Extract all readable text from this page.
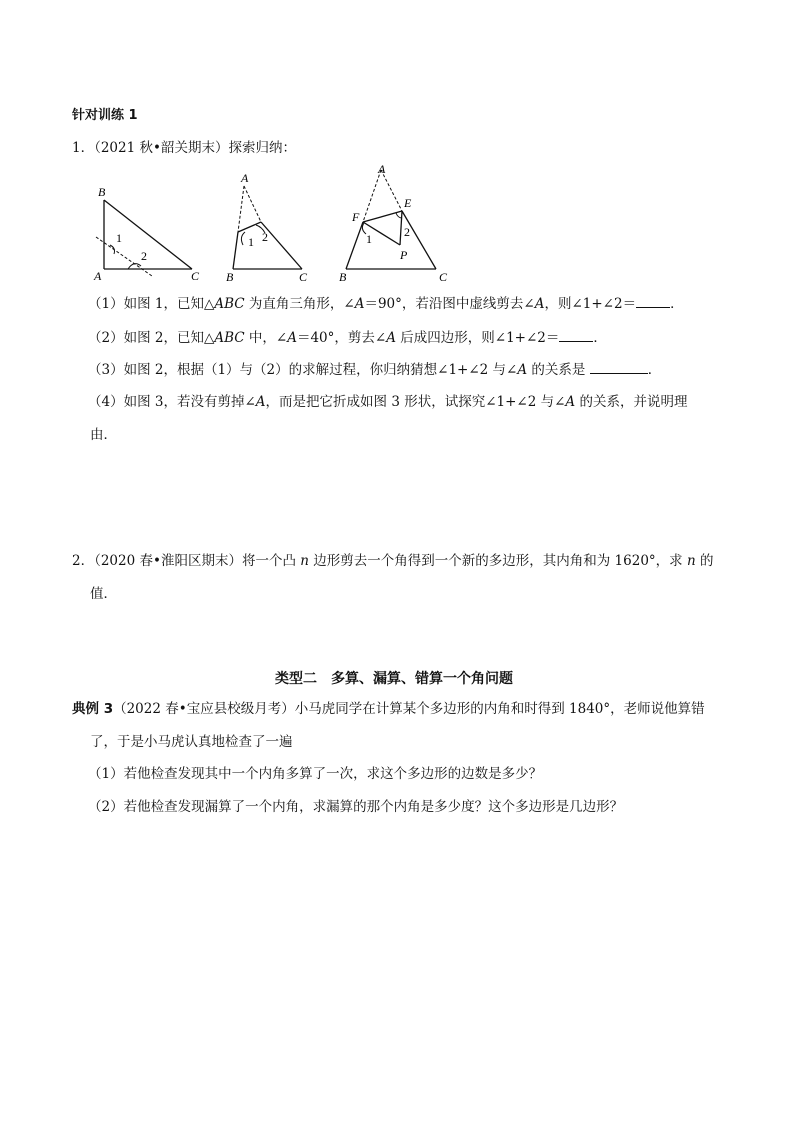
针对训练 1
1．（2021 秋•韶关期末）探索归纳：
B
A	C
1
2
A
B	C
1 2
A
E
F
P
B	C
1	2
（1）如图 1，已知△ABC 为直角三角形，∠A＝90°，若沿图中虚线剪去∠A，则∠1+∠2＝	．
（2）如图 2，已知△ABC 中，∠A＝40°，剪去∠A 后成四边形，则∠1+∠2＝	．
（3）如图 2，根据（1）与（2）的求解过程，你归纳猜想∠1+∠2 与∠A 的关系是	．
（4）如图 3，若没有剪掉∠A，而是把它折成如图 3 形状，试探究∠1+∠2 与∠A 的关系，并说明理
由．
2．（2020 春•淮阳区期末）将一个凸 n 边形剪去一个角得到一个新的多边形，其内角和为 1620°，求 n 的
值．
类型二　多算、漏算、错算一个角问题
典例 3（2022 春•宝应县校级月考）小马虎同学在计算某个多边形的内角和时得到 1840°，老师说他算错
了，于是小马虎认真地检查了一遍
（1）若他检查发现其中一个内角多算了一次，求这个多边形的边数是多少？
（2）若他检查发现漏算了一个内角，求漏算的那个内角是多少度？这个多边形是几边形？
